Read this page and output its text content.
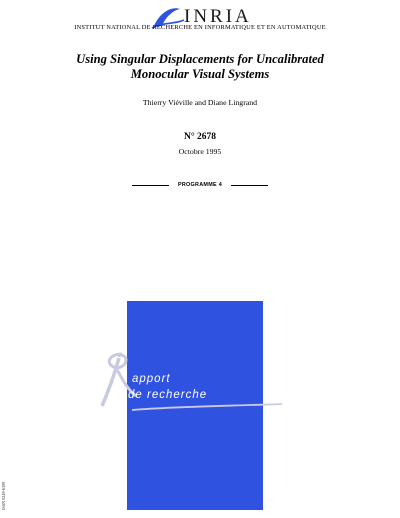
INRIA
INSTITUT NATIONAL DE RECHERCHE EN INFORMATIQUE ET EN AUTOMATIQUE
Using Singular Displacements for Uncalibrated
Monocular Visual Systems
Thierry Viéville and Diane Lingrand
N° 2678
Octobre 1995
PROGRAMME 4
apport
de recherche
ISSN 0249-6399
